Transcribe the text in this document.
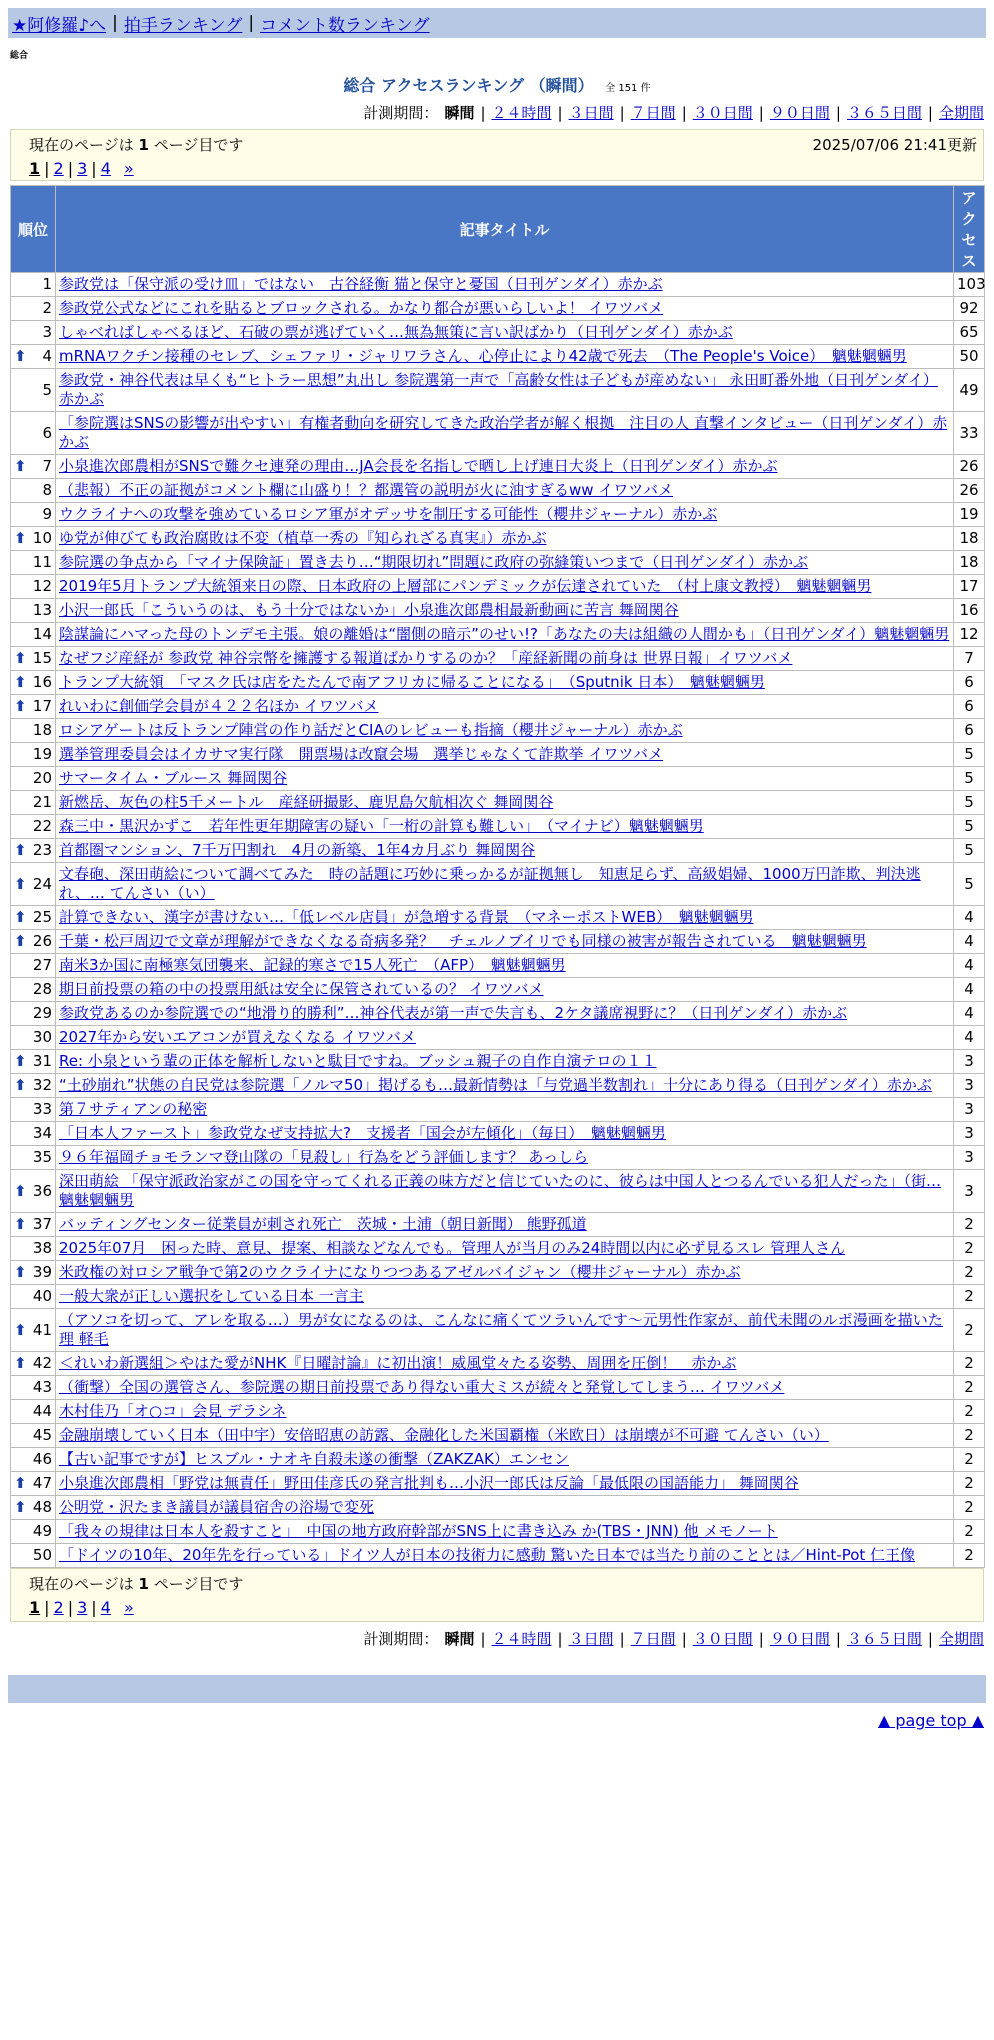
★阿修羅♪へ | 拍手ランキング | コメント数ランキング
総合
総合 アクセスランキング （瞬間） 全 151 件
計測期間： 瞬間 | ２４時間 | ３日間 | ７日間 | ３０日間 | ９０日間 | ３６５日間 | 全期間
現在のページは 1 ページ目です	2025/07/06 21:41更新
1 | 2 | 3 | 4 »
順位	記事タイトル	アクセス
1	参政党は「保守派の受け皿」ではない　古谷経衡 猫と保守と憂国（日刊ゲンダイ）赤かぶ	103
2	参政党公式などにこれを貼るとブロックされる。かなり都合が悪いらしいよ！ イワツバメ	92
3	しゃべればしゃべるほど、石破の票が逃げていく…無為無策に言い訳ばかり（日刊ゲンダイ）赤かぶ	65

⬆ 4	mRNAワクチン接種のセレブ、シェファリ・ジャリワラさん、心停止により42歳で死去　（The People's Voice）　魑魅魍魎男	50
5	参政党・神谷代表は早くも“ヒトラー思想”丸出し 参院選第一声で「高齢女性は子どもが産めない」 永田町番外地（日刊ゲンダイ）赤かぶ	49
6	「参院選はSNSの影響が出やすい」有権者動向を研究してきた政治学者が解く根拠　注目の人 直撃インタビュー（日刊ゲンダイ）赤かぶ	33

⬆ 7	小泉進次郎農相がSNSで難クセ連発の理由…JA会長を名指しで晒し上げ連日大炎上（日刊ゲンダイ）赤かぶ	26
8	（悲報）不正の証拠がコメント欄に山盛り！？都選管の説明が火に油すぎるww イワツバメ	26
9	ウクライナへの攻撃を強めているロシア軍がオデッサを制圧する可能性（櫻井ジャーナル）赤かぶ	19

⬆ 10	ゆ党が伸びても政治腐敗は不変（植草一秀の『知られざる真実』）赤かぶ	18
11	参院選の争点から「マイナ保険証」置き去り…“期限切れ”問題に政府の弥縫策いつまで（日刊ゲンダイ）赤かぶ	18
12	2019年5月トランプ大統領来日の際、日本政府の上層部にパンデミックが伝達されていた　（村上康文教授）　魑魅魍魎男	17
13	小沢一郎氏「こういうのは、もう十分ではないか」小泉進次郎農相最新動画に苦言 舞岡関谷	16
14	陰謀論にハマった母のトンデモ主張。娘の離婚は“闇側の暗示”のせい!?「あなたの夫は組織の人間かも」（日刊ゲンダイ）魑魅魍魎男	12

⬆ 15	なぜフジ産経が 参政党 神谷宗幣を擁護する報道ばかりするのか？「産経新聞の前身は 世界日報」イワツバメ	7

⬆ 16	トランプ大統領　「マスク氏は店をたたんで南アフリカに帰ることになる」　（Sputnik 日本）　魑魅魍魎男	6

⬆ 17	れいわに創価学会員が４２２名ほか イワツバメ	6
18	ロシアゲートは反トランプ陣営の作り話だとCIAのレビューも指摘（櫻井ジャーナル）赤かぶ	6
19	選挙管理委員会はイカサマ実行隊　開票場は改竄会場　選挙じゃなくて詐欺挙 イワツバメ	5
20	サマータイム・ブルース 舞岡関谷	5
21	新燃岳、灰色の柱5千メートル　産経研撮影、鹿児島欠航相次ぐ 舞岡関谷	5
22	森三中・黒沢かずこ　若年性更年期障害の疑い「一桁の計算も難しい」　（マイナビ）魑魅魍魎男	5

⬆ 23	首都圏マンション、7千万円割れ　4月の新築、1年4カ月ぶり 舞岡関谷	5

⬆ 24	文春砲、深田萌絵について調べてみた　時の話題に巧妙に乗っかるが証拠無し　知恵足らず、高級娼婦、1000万円詐欺、判決逃れ、… てんさい（い）	5

⬆ 25	計算できない、漢字が書けない…「低レベル店員」が急増する背景　（マネーポストWEB）　魑魅魍魎男	4

⬆ 26	千葉・松戸周辺で文章が理解ができなくなる奇病多発？　チェルノブイリでも同様の被害が報告されている　魑魅魍魎男	4
27	南米3か国に南極寒気団襲来、記録的寒さで15人死亡　（AFP）　魑魅魍魎男	4
28	期日前投票の箱の中の投票用紙は安全に保管されているの？ イワツバメ	4
29	参政党あるのか参院選での“地滑り的勝利”…神谷代表が第一声で失言も、2ケタ議席視野に？（日刊ゲンダイ）赤かぶ	4
30	2027年から安いエアコンが買えなくなる イワツバメ	4

⬆ 31	Re: 小泉という輩の正体を解析しないと駄目ですね。ブッシュ親子の自作自演テロの１１	3

⬆ 32	“土砂崩れ”状態の自民党は参院選「ノルマ50」掲げるも…最新情勢は「与党過半数割れ」十分にあり得る（日刊ゲンダイ）赤かぶ	3
33	第７サティアンの秘密	3
34	「日本人ファースト」参政党なぜ支持拡大?　支援者「国会が左傾化」（毎日）　魑魅魍魎男	3
35	９６年福岡チョモランマ登山隊の「見殺し」行為をどう評価します？ あっしら	3

⬆ 36	深田萌絵 「保守派政治家がこの国を守ってくれる正義の味方だと信じていたのに、彼らは中国人とつるんでいる犯人だった」（街… 魑魅魍魎男	3

⬆ 37	バッティングセンター従業員が刺され死亡　茨城・土浦（朝日新聞） 熊野孤道	2
38	2025年07月　困った時、意見、提案、相談などなんでも。管理人が当月のみ24時間以内に必ず見るスレ 管理人さん	2

⬆ 39	米政権の対ロシア戦争で第2のウクライナになりつつあるアゼルバイジャン（櫻井ジャーナル）赤かぶ	2
40	一般大衆が正しい選択をしている日本 一言主	2

⬆ 41	（アソコを切って、アレを取る…）男が女になるのは、こんなに痛くてツラいんです〜元男性作家が、前代未聞のルポ漫画を描いた理 軽毛	2

⬆ 42	＜れいわ新選組＞やはた愛がNHK『日曜討論』に初出演！威風堂々たる姿勢、周囲を圧倒！　赤かぶ	2
43	（衝撃）全国の選管さん、参院選の期日前投票であり得ない重大ミスが続々と発覚してしまう… イワツバメ	2
44	木村佳乃「オ○コ」会見 デラシネ	2
45	金融崩壊していく日本（田中宇）安倍昭恵の訪露、金融化した米国覇権（米欧日）は崩壊が不可避 てんさい（い）	2
46	【古い記事ですが】ヒスブル・ナオキ自殺未遂の衝撃（ZAKZAK）エンセン	2

⬆ 47	小泉進次郎農相「野党は無責任」野田佳彦氏の発言批判も…小沢一郎氏は反論「最低限の国語能力」 舞岡関谷	2

⬆ 48	公明党・沢たまき議員が議員宿舎の浴場で変死	2
49	「我々の規律は日本人を殺すこと」　中国の地方政府幹部がSNS上に書き込み か(TBS・JNN) 他 メモノート	2
50	「ドイツの10年、20年先を行っている」ドイツ人が日本の技術力に感動 驚いた日本では当たり前のこととは／Hint-Pot 仁王像	2
現在のページは 1 ページ目です
1 | 2 | 3 | 4 »
計測期間： 瞬間 | ２４時間 | ３日間 | ７日間 | ３０日間 | ９０日間 | ３６５日間 | 全期間
▲ page top ▲
